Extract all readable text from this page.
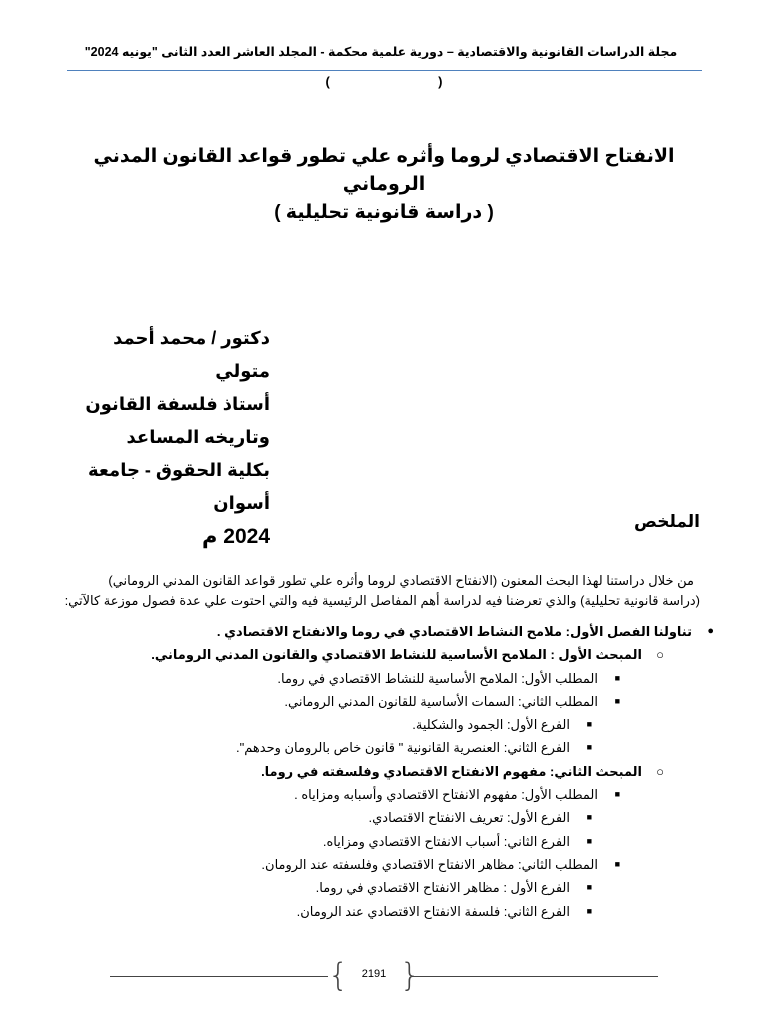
مجلة الدراسات القانونية والاقتصادية – دورية علمية محكمة - المجلد العاشر العدد الثانى "يونيه 2024"
(                              )
الانفتاح الاقتصادي لروما وأثره علي تطور قواعد القانون المدني الروماني
( دراسة قانونية تحليلية )
دكتور / محمد أحمد متولي
أستاذ فلسفة القانون وتاريخه المساعد
بكلية الحقوق - جامعة أسوان
2024 م
الملخص
من خلال دراستنا لهذا البحث المعنون (الانفتاح الاقتصادي لروما وأثره علي تطور قواعد القانون المدني الروماني)
(دراسة قانونية تحليلية) والذي تعرضنا فيه لدراسة أهم المفاصل الرئيسية فيه والتي احتوت علي عدة فصول موزعة كالآتي:
●
تناولنا الفصل الأول: ملامح النشاط الاقتصادي في روما والانفتاح الاقتصادي .
○
المبحث الأول : الملامح الأساسية للنشاط الاقتصادي والقانون المدني الروماني.
■
المطلب الأول: الملامح الأساسية للنشاط الاقتصادي في روما.
■
المطلب الثاني: السمات الأساسية للقانون المدني الروماني.
■
الفرع الأول: الجمود والشكلية.
■
الفرع الثاني: العنصرية القانونية " قانون خاص بالرومان وحدهم".
○
المبحث الثاني: مفهوم الانفتاح الاقتصادي وفلسفته في روما.
■
المطلب الأول: مفهوم الانفتاح الاقتصادي وأسبابه ومزاياه .
■
الفرع الأول: تعريف الانفتاح الاقتصادي.
■
الفرع الثاني: أسباب الانفتاح الاقتصادي ومزاياه.
■
المطلب الثاني: مظاهر الانفتاح الاقتصادي وفلسفته عند الرومان.
■
الفرع الأول : مظاهر الانفتاح الاقتصادي في روما.
■
الفرع الثاني: فلسفة الانفتاح الاقتصادي عند الرومان.
{	2191 }
